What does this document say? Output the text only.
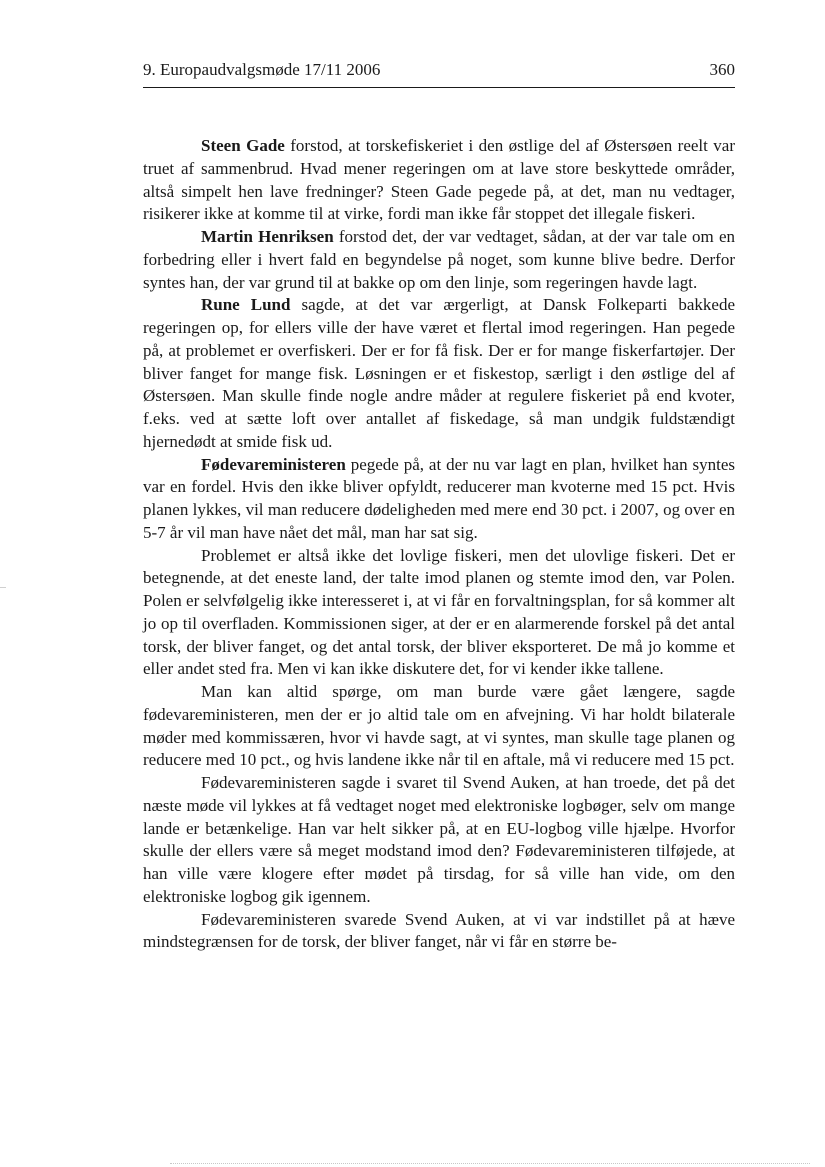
9. Europaudvalgsmøde 17/11 2006	360

Steen Gade forstod, at torskefiskeriet i den østlige del af Østersøen reelt var truet af sammenbrud. Hvad mener regeringen om at lave store beskyttede områder, altså simpelt hen lave fredninger? Steen Gade pegede på, at det, man nu vedtager, risikerer ikke at komme til at virke, fordi man ikke får stoppet det illegale fiskeri.

Martin Henriksen forstod det, der var vedtaget, sådan, at der var tale om en forbedring eller i hvert fald en begyndelse på noget, som kunne blive bedre. Derfor syntes han, der var grund til at bakke op om den linje, som regeringen havde lagt.

Rune Lund sagde, at det var ærgerligt, at Dansk Folkeparti bakkede regeringen op, for ellers ville der have været et flertal imod regeringen. Han pegede på, at problemet er overfiskeri. Der er for få fisk. Der er for mange fiskerfartøjer. Der bliver fanget for mange fisk. Løsningen er et fiskestop, særligt i den østlige del af Østersøen. Man skulle finde nogle andre måder at regulere fiskeriet på end kvoter, f.eks. ved at sætte loft over antallet af fiskedage, så man undgik fuldstændigt hjernedødt at smide fisk ud.

Fødevareministeren pegede på, at der nu var lagt en plan, hvilket han syntes var en fordel. Hvis den ikke bliver opfyldt, reducerer man kvoterne med 15 pct. Hvis planen lykkes, vil man reducere dødeligheden med mere end 30 pct. i 2007, og over en 5-7 år vil man have nået det mål, man har sat sig.

Problemet er altså ikke det lovlige fiskeri, men det ulovlige fiskeri. Det er betegnende, at det eneste land, der talte imod planen og stemte imod den, var Polen. Polen er selvfølgelig ikke interesseret i, at vi får en forvaltningsplan, for så kommer alt jo op til overfladen. Kommissionen siger, at der er en alarmerende forskel på det antal torsk, der bliver fanget, og det antal torsk, der bliver eksporteret. De må jo komme et eller andet sted fra. Men vi kan ikke diskutere det, for vi kender ikke tallene.

Man kan altid spørge, om man burde være gået længere, sagde fødevareministeren, men der er jo altid tale om en afvejning. Vi har holdt bilaterale møder med kommissæren, hvor vi havde sagt, at vi syntes, man skulle tage planen og reducere med 10 pct., og hvis landene ikke når til en aftale, må vi reducere med 15 pct.

Fødevareministeren sagde i svaret til Svend Auken, at han troede, det på det næste møde vil lykkes at få vedtaget noget med elektroniske logbøger, selv om mange lande er betænkelige. Han var helt sikker på, at en EU-logbog ville hjælpe. Hvorfor skulle der ellers være så meget modstand imod den? Fødevareministeren tilføjede, at han ville være klogere efter mødet på tirsdag, for så ville han vide, om den elektroniske logbog gik igennem.

Fødevareministeren svarede Svend Auken, at vi var indstillet på at hæve mindstegrænsen for de torsk, der bliver fanget, når vi får en større be-
